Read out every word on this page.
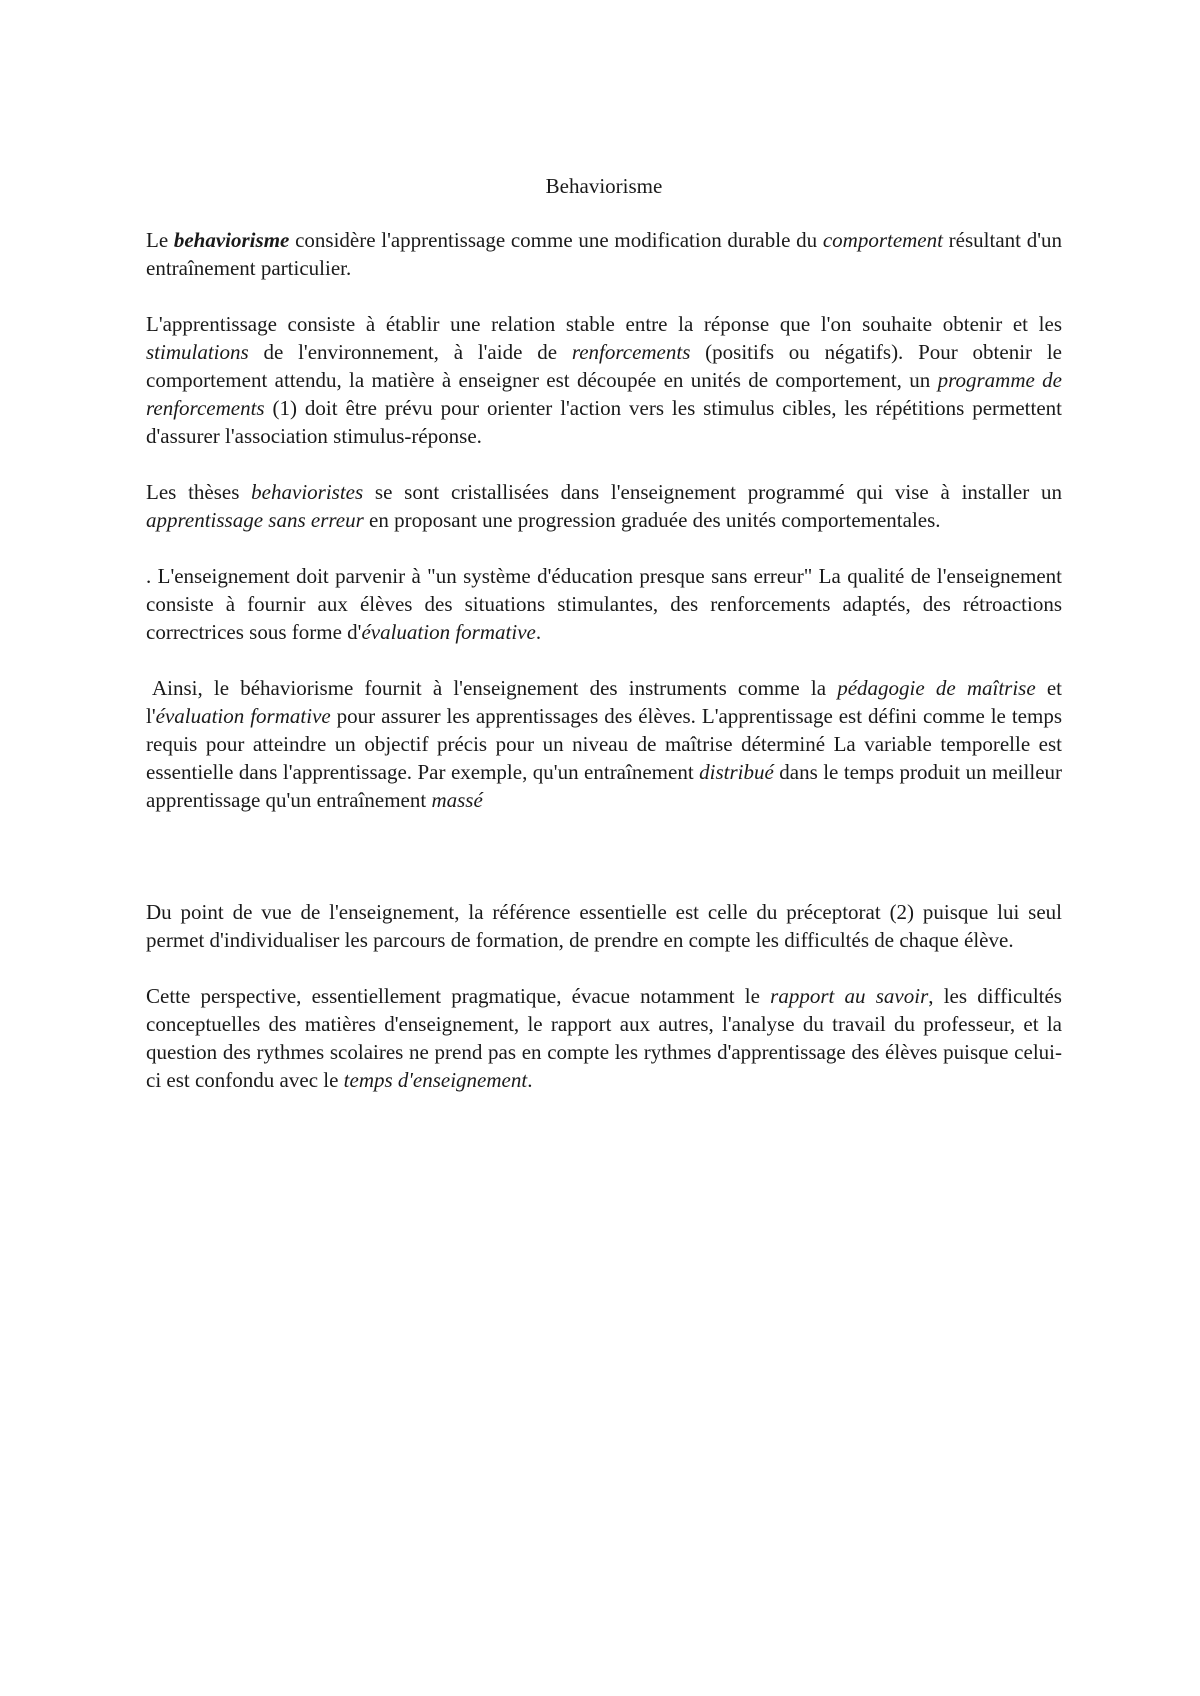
Behaviorisme

Le behaviorisme considère l'apprentissage comme une modification durable du comportement résultant d'un entraînement particulier.

L'apprentissage consiste à établir une relation stable entre la réponse que l'on souhaite obtenir et les stimulations de l'environnement, à l'aide de renforcements (positifs ou négatifs). Pour obtenir le comportement attendu, la matière à enseigner est découpée en unités de comportement, un programme de renforcements (1) doit être prévu pour orienter l'action vers les stimulus cibles, les répétitions permettent d'assurer l'association stimulus-réponse.

Les thèses behavioristes se sont cristallisées dans l'enseignement programmé qui vise à installer un apprentissage sans erreur en proposant une progression graduée des unités comportementales.

. L'enseignement doit parvenir à "un système d'éducation presque sans erreur" La qualité de l'enseignement consiste à fournir aux élèves des situations stimulantes, des renforcements adaptés, des rétroactions correctrices sous forme d'évaluation formative.

Ainsi, le béhaviorisme fournit à l'enseignement des instruments comme la pédagogie de maîtrise et l'évaluation formative pour assurer les apprentissages des élèves. L'apprentissage est défini comme le temps requis pour atteindre un objectif précis pour un niveau de maîtrise déterminé La variable temporelle est essentielle dans l'apprentissage. Par exemple, qu'un entraînement distribué dans le temps produit un meilleur apprentissage qu'un entraînement massé

Du point de vue de l'enseignement, la référence essentielle est celle du préceptorat (2) puisque lui seul permet d'individualiser les parcours de formation, de prendre en compte les difficultés de chaque élève.

Cette perspective, essentiellement pragmatique, évacue notamment le rapport au savoir, les difficultés conceptuelles des matières d'enseignement, le rapport aux autres, l'analyse du travail du professeur, et la question des rythmes scolaires ne prend pas en compte les rythmes d'apprentissage des élèves puisque celui-ci est confondu avec le temps d'enseignement.
